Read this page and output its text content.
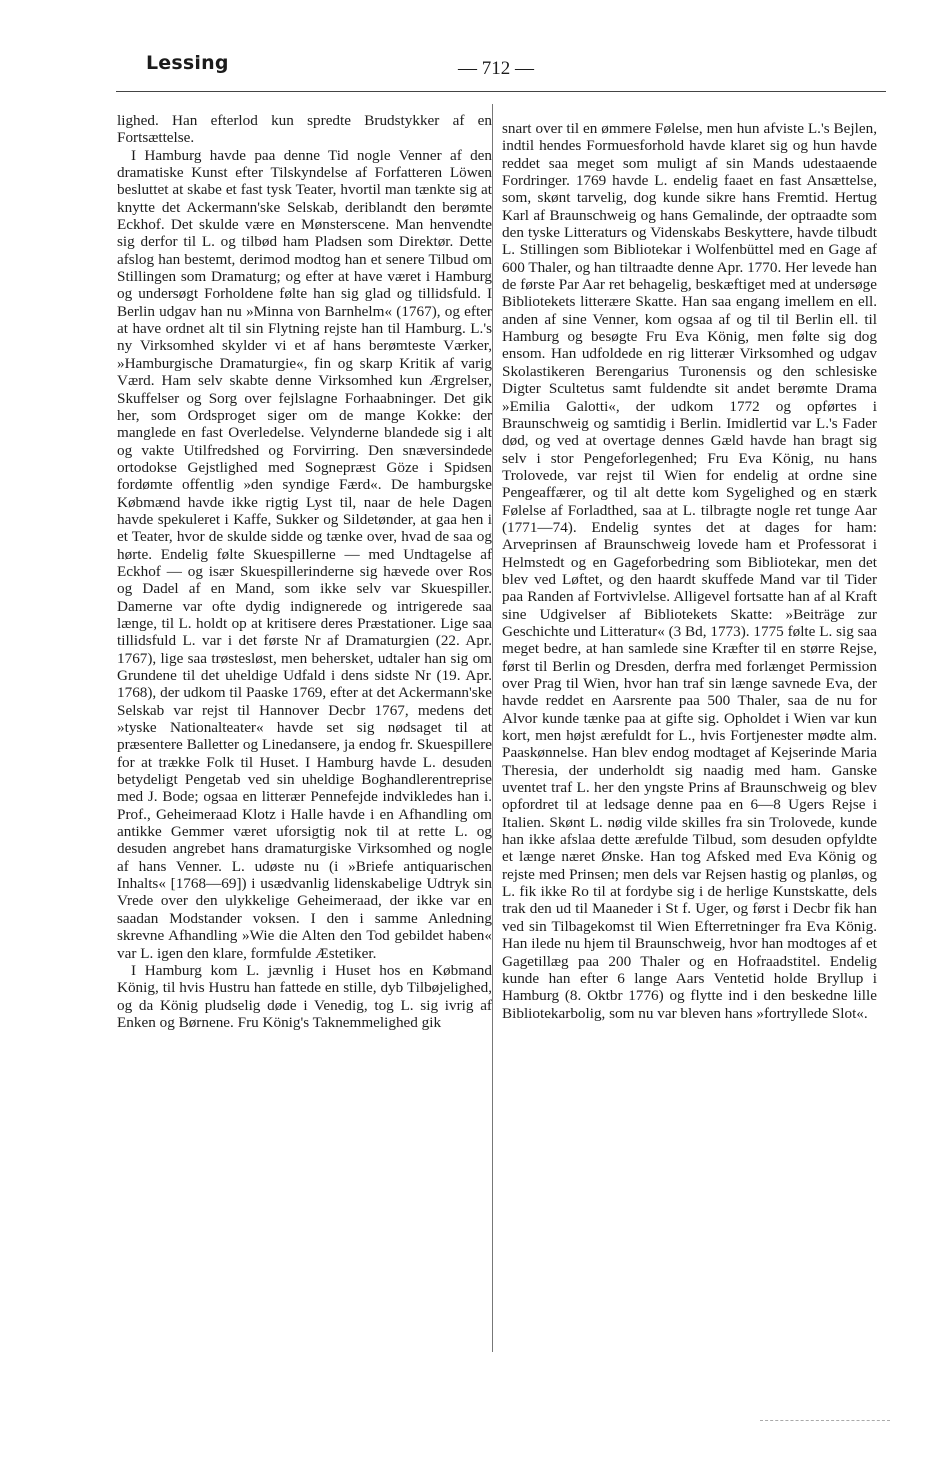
Lessing	— 712 —

lighed. Han efterlod kun spredte Brudstykker af en Fortsættelse.

I Hamburg havde paa denne Tid nogle Venner af den dramatiske Kunst efter Tilskyndelse af Forfatteren Löwen besluttet at skabe et fast tysk Teater, hvortil man tænkte sig at knytte det Ackermann'ske Selskab, deriblandt den berømte Eckhof. Det skulde være en Mønsterscene. Man henvendte sig derfor til L. og tilbød ham Pladsen som Direktør. Dette afslog han bestemt, derimod modtog han et senere Tilbud om Stillingen som Dramaturg; og efter at have været i Hamburg og undersøgt Forholdene følte han sig glad og tillidsfuld. I Berlin udgav han nu »Minna von Barnhelm« (1767), og efter at have ordnet alt til sin Flytning rejste han til Hamburg. L.'s ny Virksomhed skylder vi et af hans berømteste Værker, »Hamburgische Dramaturgie«, fin og skarp Kritik af varig Værd. Ham selv skabte denne Virksomhed kun Ærgrelser, Skuffelser og Sorg over fejlslagne Forhaabninger. Det gik her, som Ordsproget siger om de mange Kokke: der manglede en fast Overledelse. Velynderne blandede sig i alt og vakte Utilfredshed og Forvirring. Den snæversindede ortodokse Gejstlighed med Sognepræst Göze i Spidsen fordømte offentlig »den syndige Færd«. De hamburgske Købmænd havde ikke rigtig Lyst til, naar de hele Dagen havde spekuleret i Kaffe, Sukker og Sildetønder, at gaa hen i et Teater, hvor de skulde sidde og tænke over, hvad de saa og hørte. Endelig følte Skuespillerne — med Undtagelse af Eckhof — og især Skuespillerinderne sig hævede over Ros og Dadel af en Mand, som ikke selv var Skuespiller. Damerne var ofte dydig indignerede og intrigerede saa længe, til L. holdt op at kritisere deres Præstationer. Lige saa tillidsfuld L. var i det første Nr af Dramaturgien (22. Apr. 1767), lige saa trøstesløst, men behersket, udtaler han sig om Grundene til det uheldige Udfald i dens sidste Nr (19. Apr. 1768), der udkom til Paaske 1769, efter at det Ackermann'ske Selskab var rejst til Hannover Decbr 1767, medens det »tyske Nationalteater« havde set sig nødsaget til at præsentere Balletter og Linedansere, ja endog fr. Skuespillere for at trække Folk til Huset. I Hamburg havde L. desuden betydeligt Pengetab ved sin uheldige Boghandlerentreprise med J. Bode; ogsaa en litterær Pennefejde indvikledes han i. Prof., Geheimeraad Klotz i Halle havde i en Afhandling om antikke Gemmer været uforsigtig nok til at rette L. og desuden angrebet hans dramaturgiske Virksomhed og nogle af hans Venner. L. udøste nu (i »Briefe antiquarischen Inhalts« [1768—69]) i usædvanlig lidenskabelige Udtryk sin Vrede over den ulykkelige Geheimeraad, der ikke var en saadan Modstander voksen. I den i samme Anledning skrevne Afhandling »Wie die Alten den Tod gebildet haben« var L. igen den klare, formfulde Æstetiker.

I Hamburg kom L. jævnlig i Huset hos en Købmand König, til hvis Hustru han fattede en stille, dyb Tilbøjelighed, og da König pludselig døde i Venedig, tog L. sig ivrig af Enken og Børnene. Fru König's Taknemmelighed gik

snart over til en ømmere Følelse, men hun afviste L.'s Bejlen, indtil hendes Formuesforhold havde klaret sig og hun havde reddet saa meget som muligt af sin Mands udestaaende Fordringer. 1769 havde L. endelig faaet en fast Ansættelse, som, skønt tarvelig, dog kunde sikre hans Fremtid. Hertug Karl af Braunschweig og hans Gemalinde, der optraadte som den tyske Litteraturs og Videnskabs Beskyttere, havde tilbudt L. Stillingen som Bibliotekar i Wolfenbüttel med en Gage af 600 Thaler, og han tiltraadte denne Apr. 1770. Her levede han de første Par Aar ret behagelig, beskæftiget med at undersøge Bibliotekets litterære Skatte. Han saa engang imellem en ell. anden af sine Venner, kom ogsaa af og til til Berlin ell. til Hamburg og besøgte Fru Eva König, men følte sig dog ensom. Han udfoldede en rig litterær Virksomhed og udgav Skolastikeren Berengarius Turonensis og den schlesiske Digter Scultetus samt fuldendte sit andet berømte Drama »Emilia Galotti«, der udkom 1772 og opførtes i Braunschweig og samtidig i Berlin. Imidlertid var L.'s Fader død, og ved at overtage dennes Gæld havde han bragt sig selv i stor Pengeforlegenhed; Fru Eva König, nu hans Trolovede, var rejst til Wien for endelig at ordne sine Pengeaffærer, og til alt dette kom Sygelighed og en stærk Følelse af Forladthed, saa at L. tilbragte nogle ret tunge Aar (1771—74). Endelig syntes det at dages for ham: Arveprinsen af Braunschweig lovede ham et Professorat i Helmstedt og en Gageforbedring som Bibliotekar, men det blev ved Løftet, og den haardt skuffede Mand var til Tider paa Randen af Fortvivlelse. Alligevel fortsatte han af al Kraft sine Udgivelser af Bibliotekets Skatte: »Beiträge zur Geschichte und Litteratur« (3 Bd, 1773). 1775 følte L. sig saa meget bedre, at han samlede sine Kræfter til en større Rejse, først til Berlin og Dresden, derfra med forlænget Permission over Prag til Wien, hvor han traf sin længe savnede Eva, der havde reddet en Aarsrente paa 500 Thaler, saa de nu for Alvor kunde tænke paa at gifte sig. Opholdet i Wien var kun kort, men højst ærefuldt for L., hvis Fortjenester mødte alm. Paaskønnelse. Han blev endog modtaget af Kejserinde Maria Theresia, der underholdt sig naadig med ham. Ganske uventet traf L. her den yngste Prins af Braunschweig og blev opfordret til at ledsage denne paa en 6—8 Ugers Rejse i Italien. Skønt L. nødig vilde skilles fra sin Trolovede, kunde han ikke afslaa dette ærefulde Tilbud, som desuden opfyldte et længe næret Ønske. Han tog Afsked med Eva König og rejste med Prinsen; men dels var Rejsen hastig og planløs, og L. fik ikke Ro til at fordybe sig i de herlige Kunstskatte, dels trak den ud til Maaneder i St f. Uger, og først i Decbr fik han ved sin Tilbagekomst til Wien Efterretninger fra Eva König. Han ilede nu hjem til Braunschweig, hvor han modtoges af et Gagetillæg paa 200 Thaler og en Hofraadstitel. Endelig kunde han efter 6 lange Aars Ventetid holde Bryllup i Hamburg (8. Oktbr 1776) og flytte ind i den beskedne lille Bibliotekarbolig, som nu var bleven hans »fortryllede Slot«.
